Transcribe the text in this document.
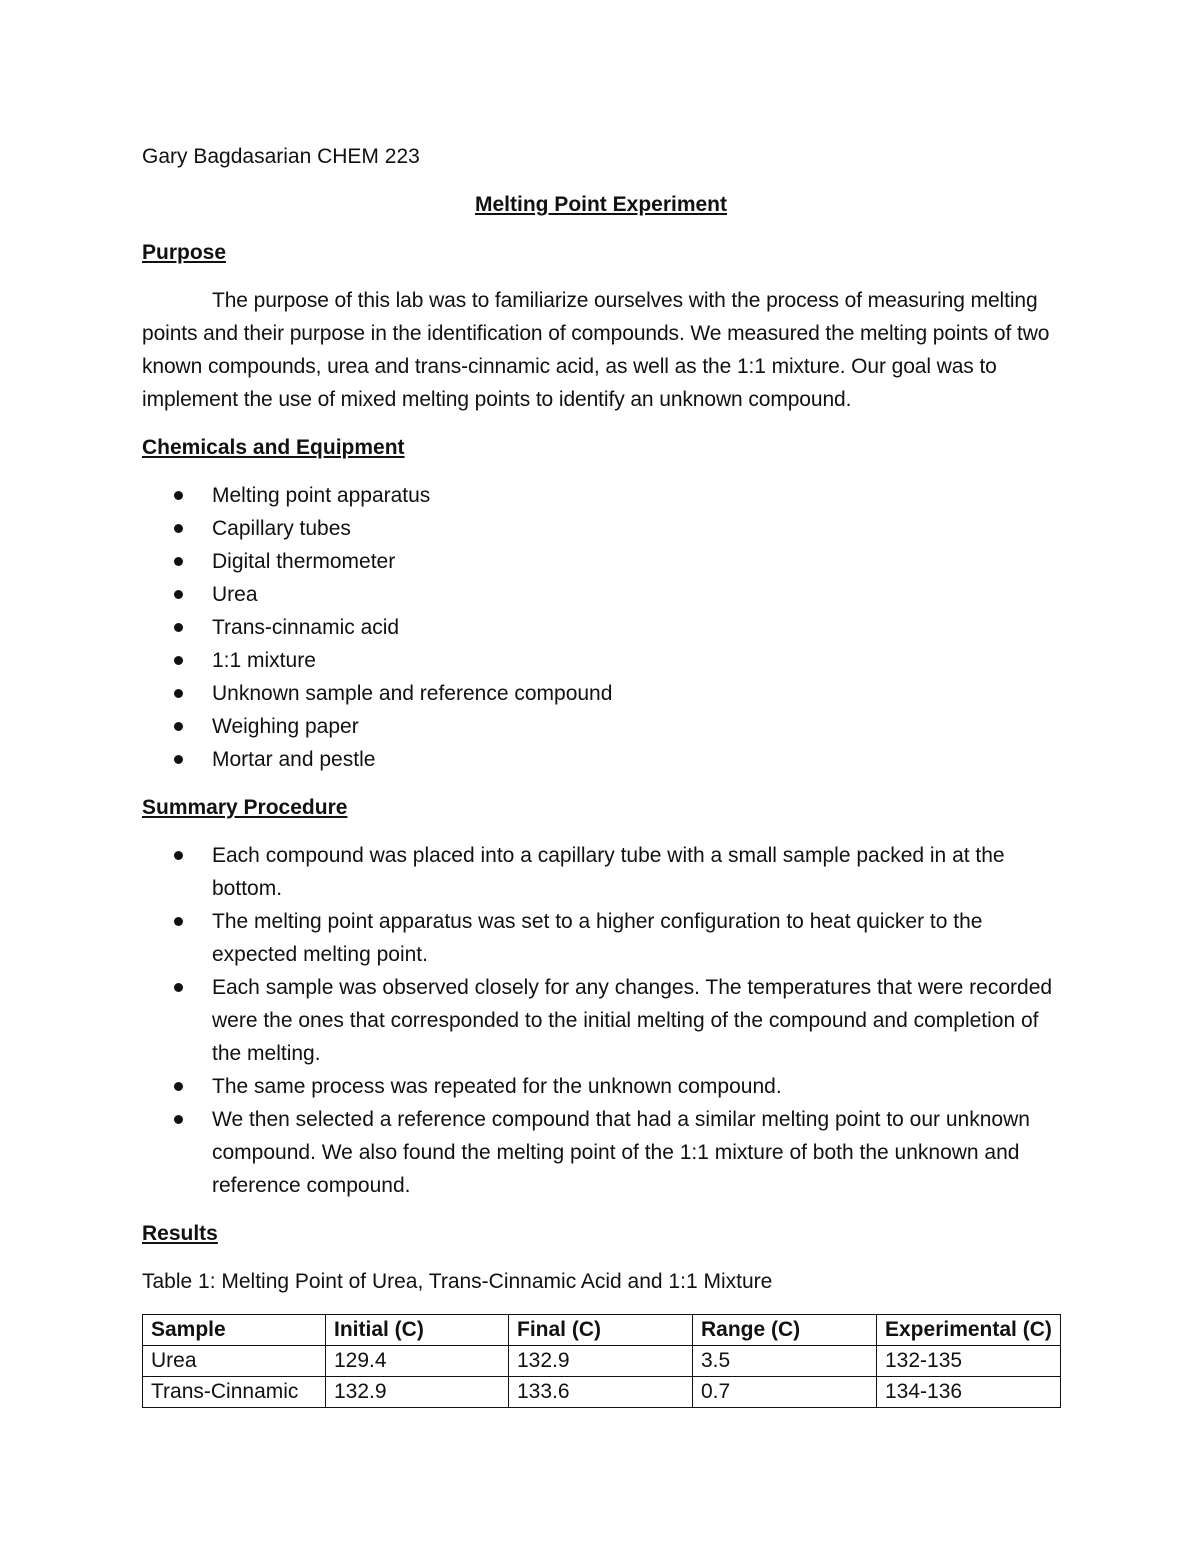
Gary Bagdasarian CHEM 223

Melting Point Experiment

Purpose

The purpose of this lab was to familiarize ourselves with the process of measuring melting points and their purpose in the identification of compounds. We measured the melting points of two known compounds, urea and trans-cinnamic acid, as well as the 1:1 mixture. Our goal was to implement the use of mixed melting points to identify an unknown compound.

Chemicals and Equipment

Melting point apparatus
Capillary tubes
Digital thermometer
Urea
Trans-cinnamic acid
1:1 mixture
Unknown sample and reference compound
Weighing paper
Mortar and pestle

Summary Procedure

Each compound was placed into a capillary tube with a small sample packed in at the bottom.
The melting point apparatus was set to a higher configuration to heat quicker to the expected melting point.
Each sample was observed closely for any changes. The temperatures that were recorded were the ones that corresponded to the initial melting of the compound and completion of the melting.
The same process was repeated for the unknown compound.
We then selected a reference compound that had a similar melting point to our unknown compound. We also found the melting point of the 1:1 mixture of both the unknown and reference compound.

Results

Table 1: Melting Point of Urea, Trans-Cinnamic Acid and 1:1 Mixture

Sample	Initial (C)	Final (C)	Range (C)	Experimental (C)
Urea	129.4	132.9	3.5	132-135
Trans-Cinnamic	132.9	133.6	0.7	134-136
